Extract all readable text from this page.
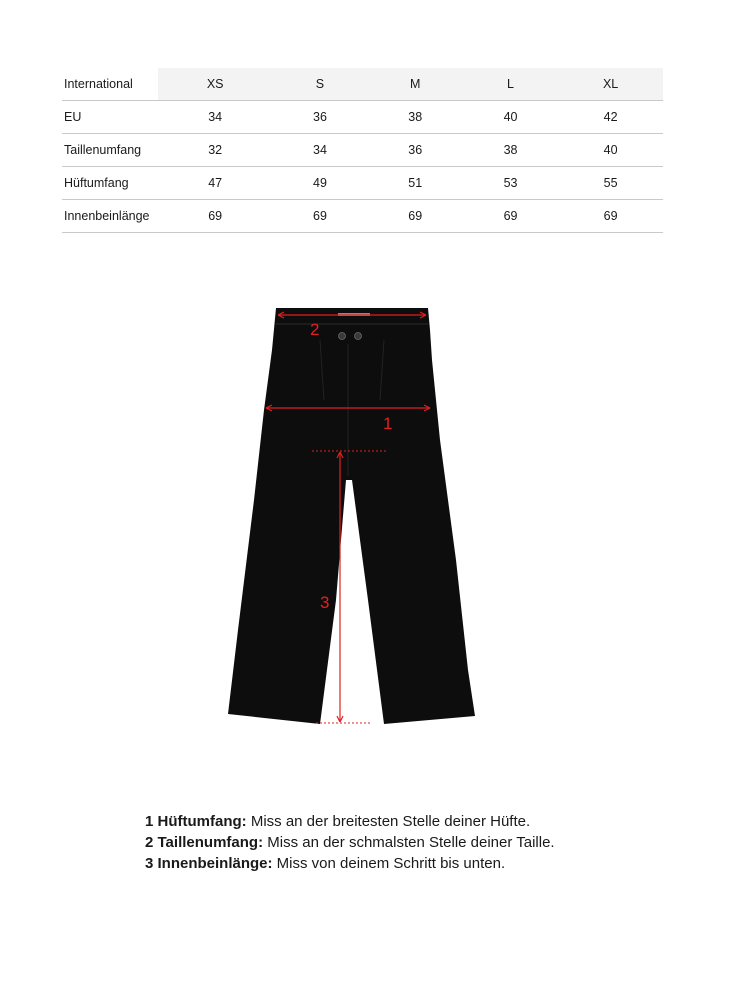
International	XS	S	M	L	XL
EU	34	36	38	40	42
Taillenumfang	32	34	36	38	40
Hüftumfang	47	49	51	53	55
Innenbeinlänge	69	69	69	69	69
2
1
3
1 Hüftumfang: Miss an der breitesten Stelle deiner Hüfte.
2 Taillenumfang: Miss an der schmalsten Stelle deiner Taille.
3 Innenbeinlänge: Miss von deinem Schritt bis unten.
